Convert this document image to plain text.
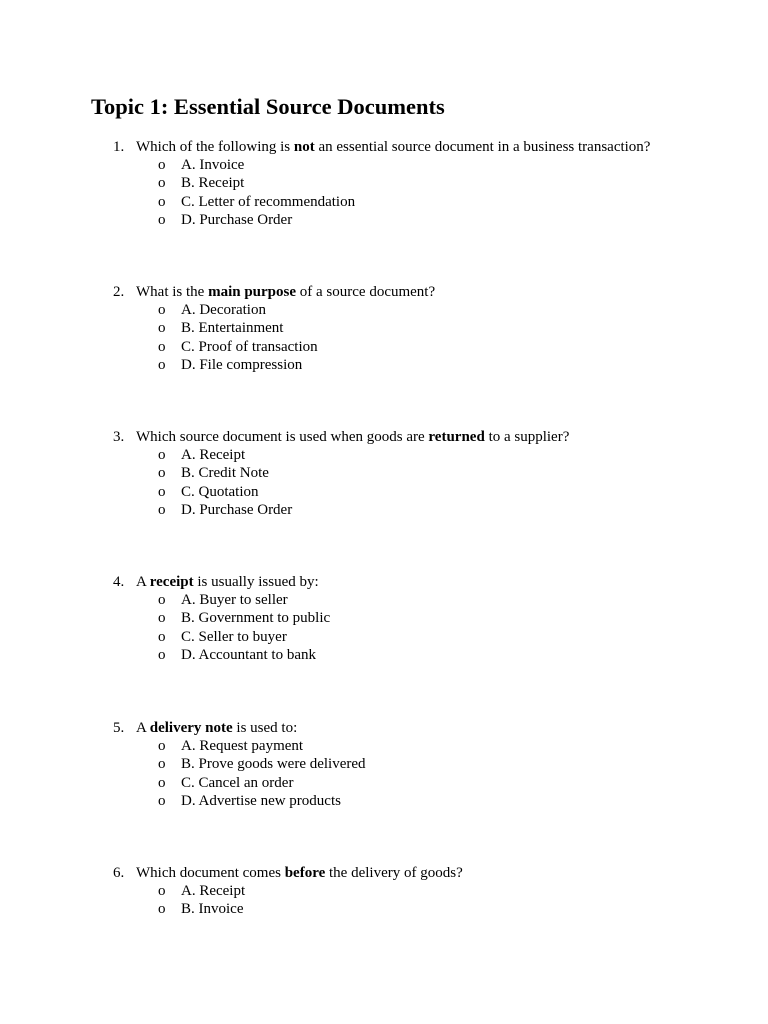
Topic 1: Essential Source Documents
1. Which of the following is not an essential source document in a business transaction?
o A. Invoice
o B. Receipt
o C. Letter of recommendation
o D. Purchase Order
2. What is the main purpose of a source document?
o A. Decoration
o B. Entertainment
o C. Proof of transaction
o D. File compression
3. Which source document is used when goods are returned to a supplier?
o A. Receipt
o B. Credit Note
o C. Quotation
o D. Purchase Order
4. A receipt is usually issued by:
o A. Buyer to seller
o B. Government to public
o C. Seller to buyer
o D. Accountant to bank
5. A delivery note is used to:
o A. Request payment
o B. Prove goods were delivered
o C. Cancel an order
o D. Advertise new products
6. Which document comes before the delivery of goods?
o A. Receipt
o B. Invoice
